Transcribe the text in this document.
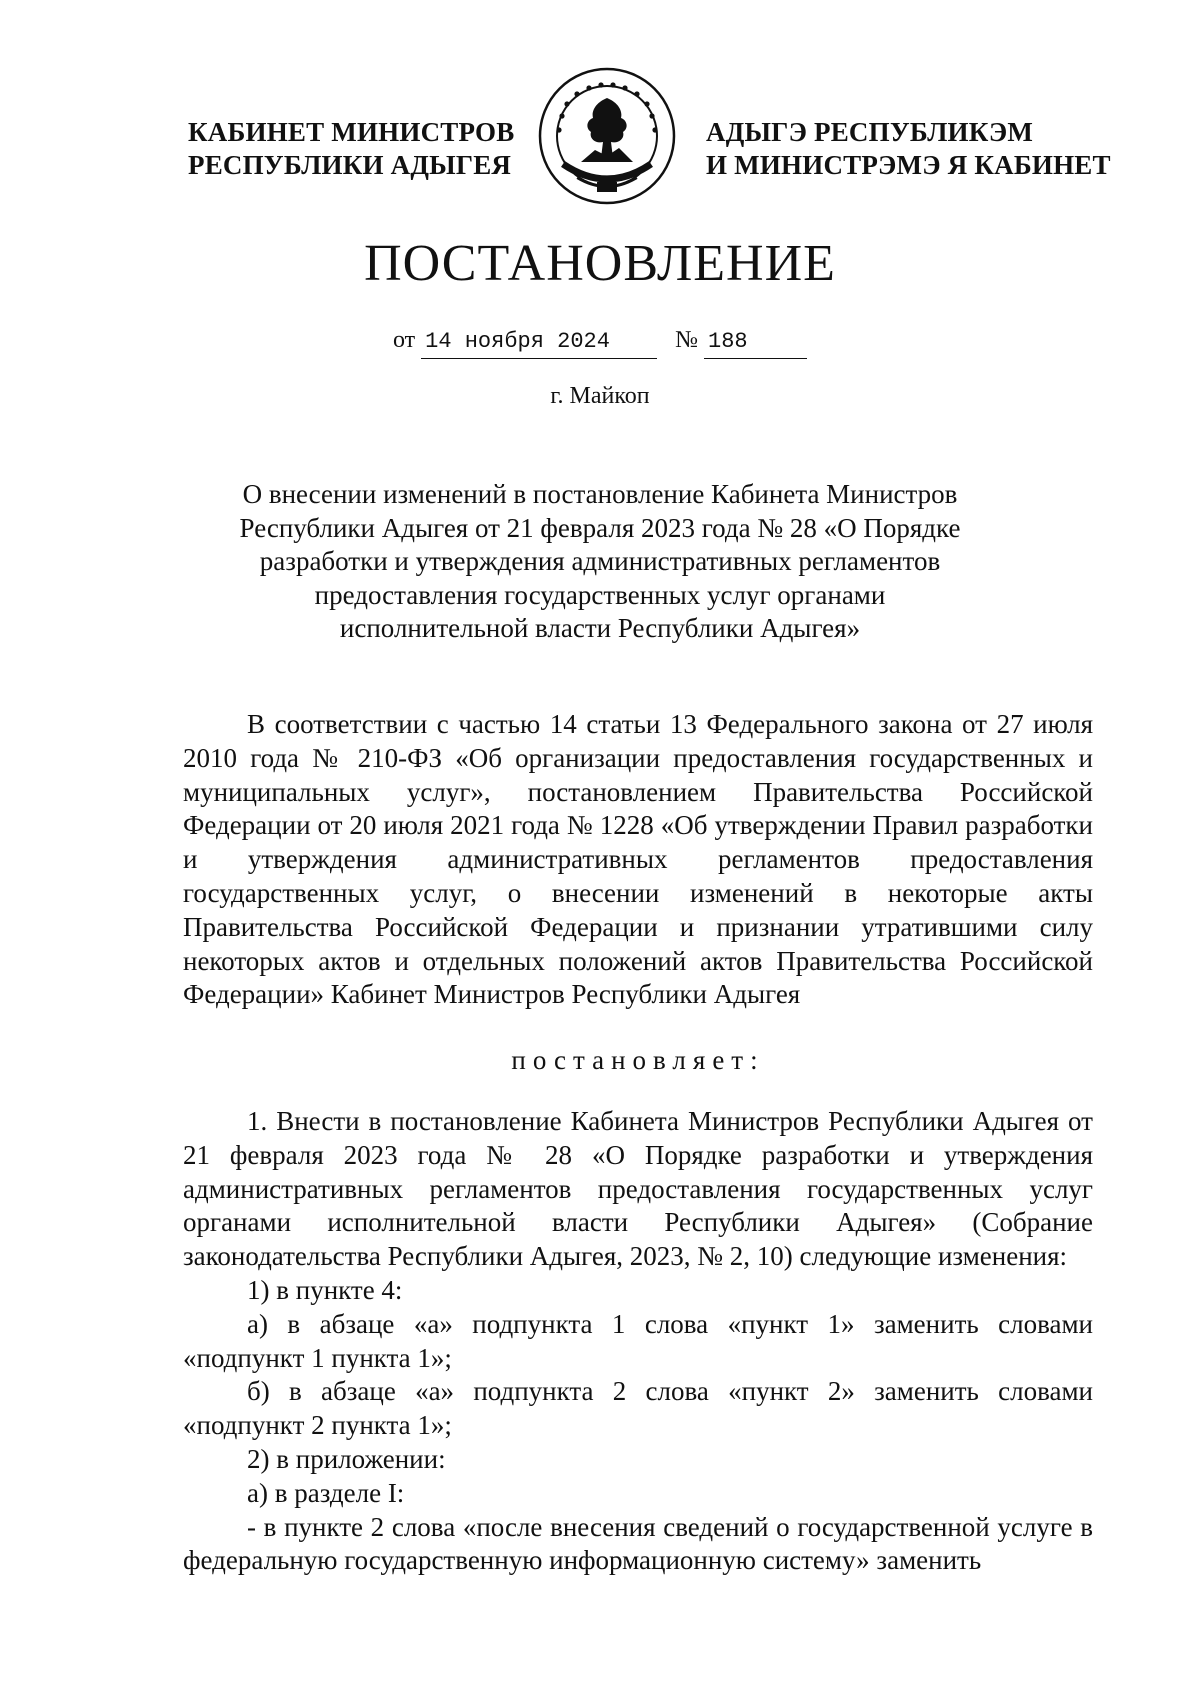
КАБИНЕТ МИНИСТРОВ
РЕСПУБЛИКИ АДЫГЕЯ
АДЫГЭ РЕСПУБЛИКЭМ
И МИНИСТРЭМЭ Я КАБИНЕТ
ПОСТАНОВЛЕНИЕ
от 14 ноября 2024	№ 188
г. Майкоп
О внесении изменений в постановление Кабинета Министров
Республики Адыгея от 21 февраля 2023 года № 28 «О Порядке
разработки и утверждения административных регламентов
предоставления государственных услуг органами
исполнительной власти Республики Адыгея»

В соответствии с частью 14 статьи 13 Федерального закона от 27 июля 2010 года № 210-ФЗ «Об организации предоставления государственных и муниципальных услуг», постановлением Правительства Российской Федерации от 20 июля 2021 года № 1228 «Об утверждении Правил разработки и утверждения административных регламентов предоставления государственных услуг, о внесении изменений в некоторые акты Правительства Российской Федерации и признании утратившими силу некоторых актов и отдельных положений актов Правительства Российской Федерации» Кабинет Министров Республики Адыгея

постановляет:

1. Внести в постановление Кабинета Министров Республики Адыгея от 21 февраля 2023 года № 28 «О Порядке разработки и утверждения административных регламентов предоставления государственных услуг органами исполнительной власти Республики Адыгея» (Собрание законодательства Республики Адыгея, 2023, № 2, 10) следующие изменения:

1) в пункте 4:

а) в абзаце «а» подпункта 1 слова «пункт 1» заменить словами «подпункт 1 пункта 1»;

б) в абзаце «а» подпункта 2 слова «пункт 2» заменить словами «подпункт 2 пункта 1»;

2) в приложении:

а) в разделе I:

- в пункте 2 слова «после внесения сведений о государственной услуге в федеральную государственную информационную систему» заменить
